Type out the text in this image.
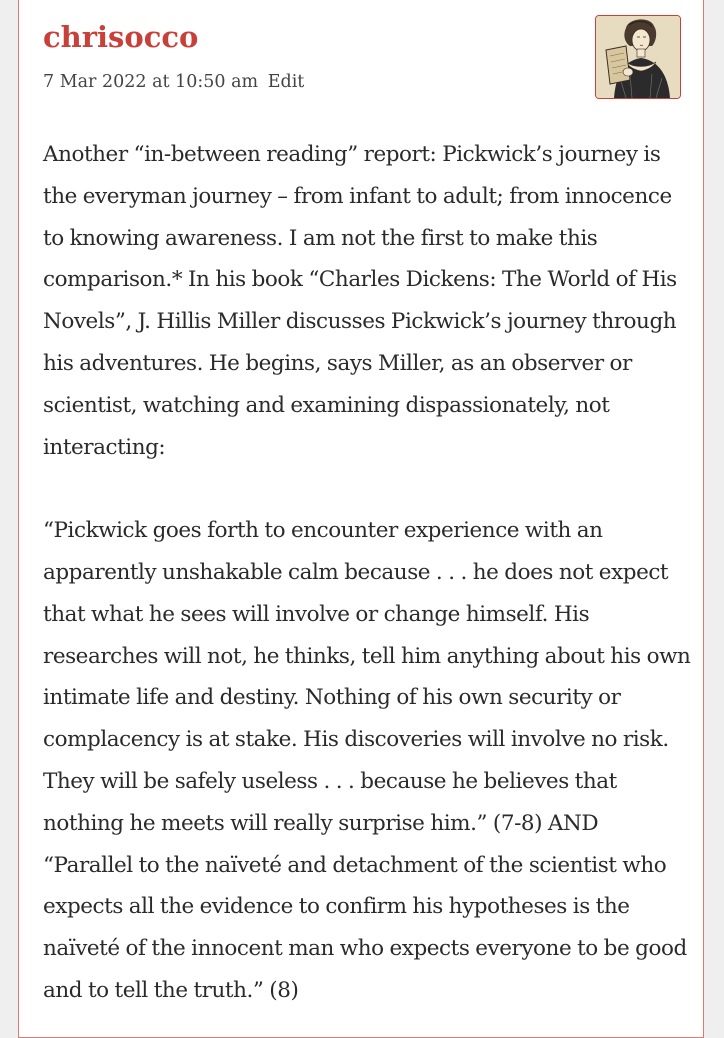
chrisocco
7 Mar 2022 at 10:50 am Edit

Another “in-between reading” report: Pickwick’s journey is the everyman journey – from infant to adult; from innocence to knowing awareness. I am not the first to make this comparison.* In his book “Charles Dickens: The World of His Novels”, J. Hillis Miller discusses Pickwick’s journey through his adventures. He begins, says Miller, as an observer or scientist, watching and examining dispassionately, not interacting:

“Pickwick goes forth to encounter experience with an apparently unshakable calm because . . . he does not expect that what he sees will involve or change himself. His researches will not, he thinks, tell him anything about his own intimate life and destiny. Nothing of his own security or complacency is at stake. His discoveries will involve no risk. They will be safely useless . . . because he believes that nothing he meets will really surprise him.” (7-8) AND “Parallel to the naïveté and detachment of the scientist who expects all the evidence to confirm his hypotheses is the naïveté of the innocent man who expects everyone to be good and to tell the truth.” (8)
